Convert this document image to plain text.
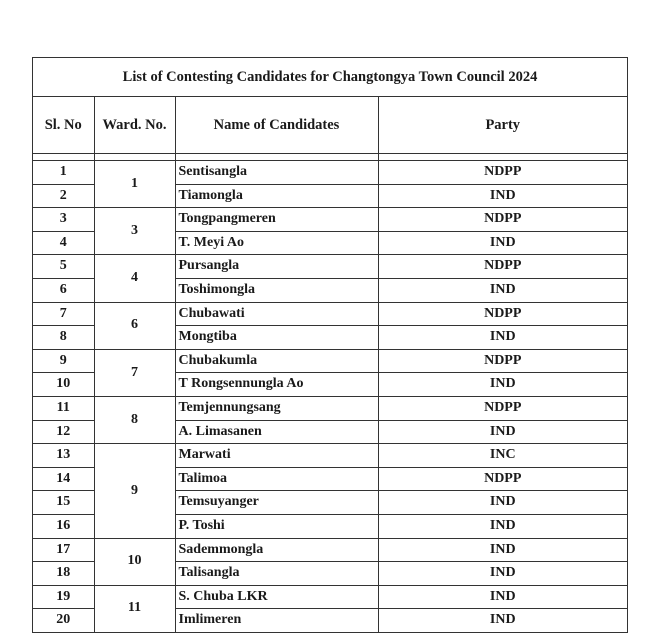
List of Contesting Candidates for Changtongya Town Council 2024
Sl. No	Ward. No.	Name of Candidates	Party

1	1	Sentisangla	NDPP
2		Tiamongla	IND
3	3	Tongpangmeren	NDPP
4		T. Meyi Ao	IND
5	4	Pursangla	NDPP
6		Toshimongla	IND
7	6	Chubawati	NDPP
8		Mongtiba	IND
9	7	Chubakumla	NDPP
10		T Rongsennungla Ao	IND
11	8	Temjennungsang	NDPP
12		A. Limasanen	IND
13	9	Marwati	INC
14		Talimoa	NDPP
15		Temsuyanger	IND
16		P. Toshi	IND
17	10	Sademmongla	IND
18		Talisangla	IND
19	11	S. Chuba LKR	IND
20		Imlimeren	IND
